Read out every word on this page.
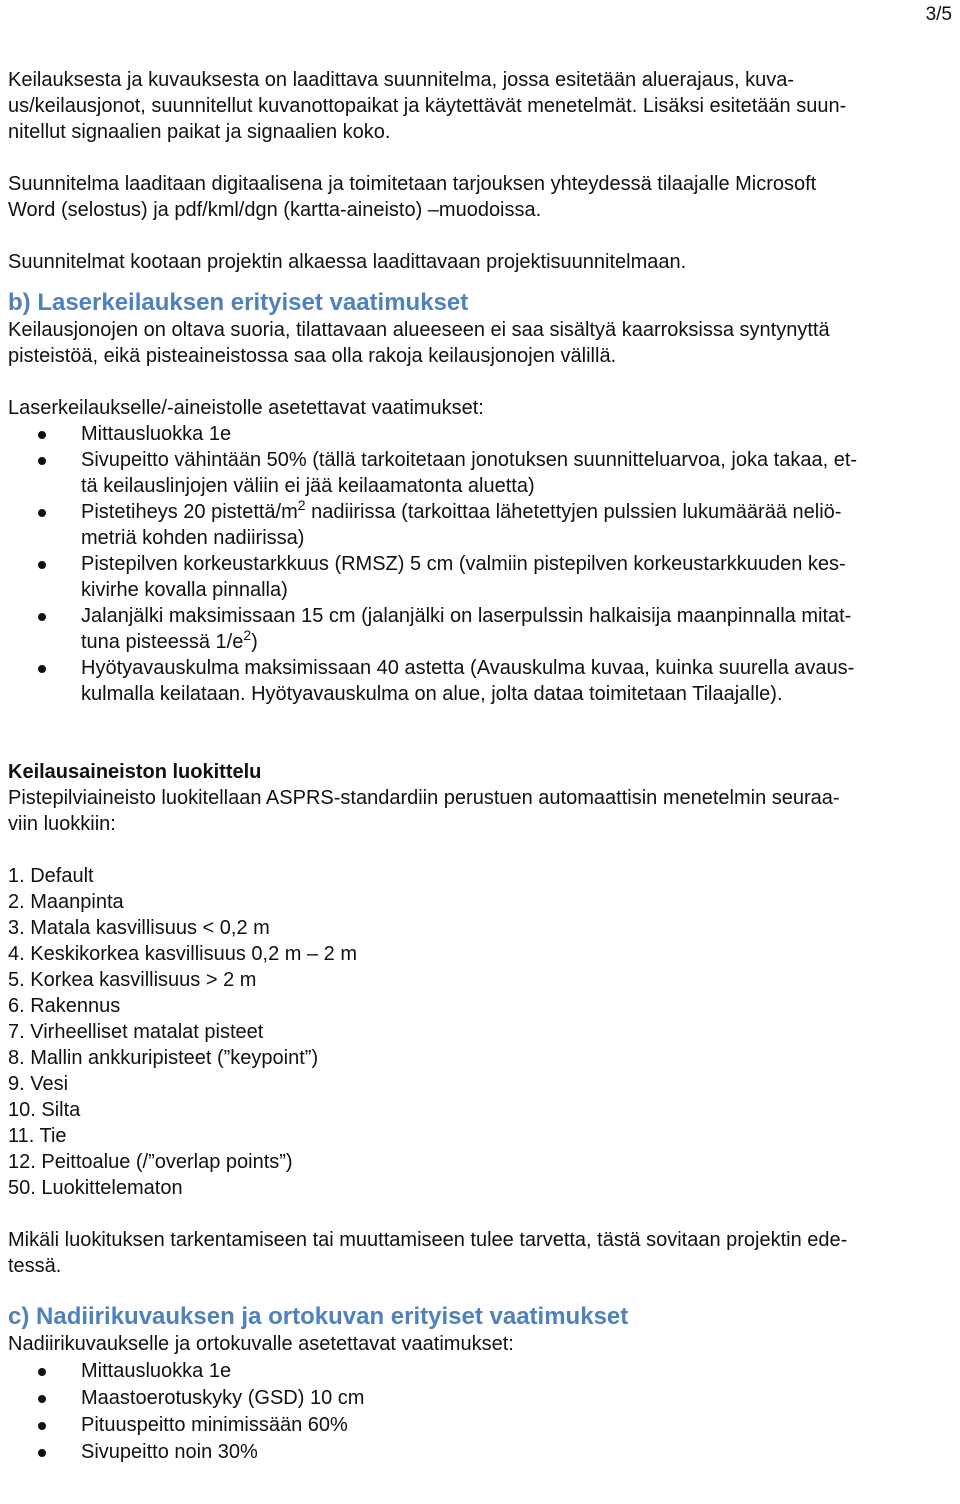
3/5

Keilauksesta ja kuvauksesta on laadittava suunnitelma, jossa esitetään aluerajaus, kuva-
us/keilausjonot, suunnitellut kuvanottopaikat ja käytettävät menetelmät. Lisäksi esitetään suun-
nitellut signaalien paikat ja signaalien koko.

Suunnitelma laaditaan digitaalisena ja toimitetaan tarjouksen yhteydessä tilaajalle Microsoft
Word (selostus) ja pdf/kml/dgn (kartta-aineisto) –muodoissa.

Suunnitelmat kootaan projektin alkaessa laadittavaan projektisuunnitelmaan.

b) Laserkeilauksen erityiset vaatimukset

Keilausjonojen on oltava suoria, tilattavaan alueeseen ei saa sisältyä kaarroksissa syntynyttä
pisteistöä, eikä pisteaineistossa saa olla rakoja keilausjonojen välillä.

Laserkeilaukselle/-aineistolle asetettavat vaatimukset:

Mittausluokka 1e
Sivupeitto vähintään 50% (tällä tarkoitetaan jonotuksen suunnitteluarvoa, joka takaa, et-
tä keilauslinjojen väliin ei jää keilaamatonta aluetta)
Pistetiheys 20 pistettä/$m^2$ nadiirissa (tarkoittaa lähetettyjen pulssien lukumäärää neliö-
metriä kohden nadiirissa)
Pistepilven korkeustarkkuus (RMSZ) 5 cm (valmiin pistepilven korkeustarkkuuden kes-
kivirhe kovalla pinnalla)
Jalanjälki maksimissaan 15 cm (jalanjälki on laserpulssin halkaisija maanpinnalla mitat-
tuna pisteessä $1/e^2$)
Hyötyavauskulma maksimissaan 40 astetta (Avauskulma kuvaa, kuinka suurella avaus-
kulmalla keilataan. Hyötyavauskulma on alue, jolta dataa toimitetaan Tilaajalle).
Keilausaineiston luokittelu

Pistepilviaineisto luokitellaan ASPRS-standardiin perustuen automaattisin menetelmin seuraa-
viin luokkiin:

1. Default
2. Maanpinta
3. Matala kasvillisuus < 0,2 m
4. Keskikorkea kasvillisuus 0,2 m – 2 m
5. Korkea kasvillisuus > 2 m
6. Rakennus
7. Virheelliset matalat pisteet
8. Mallin ankkuripisteet (”keypoint”)
9. Vesi
10. Silta
11. Tie
12. Peittoalue (/”overlap points”)
50. Luokittelematon

Mikäli luokituksen tarkentamiseen tai muuttamiseen tulee tarvetta, tästä sovitaan projektin ede-
tessä.

c) Nadiirikuvauksen ja ortokuvan erityiset vaatimukset

Nadiirikuvaukselle ja ortokuvalle asetettavat vaatimukset:

Mittausluokka 1e
Maastoerotuskyky (GSD) 10 cm
Pituuspeitto minimissään 60%
Sivupeitto noin 30%
